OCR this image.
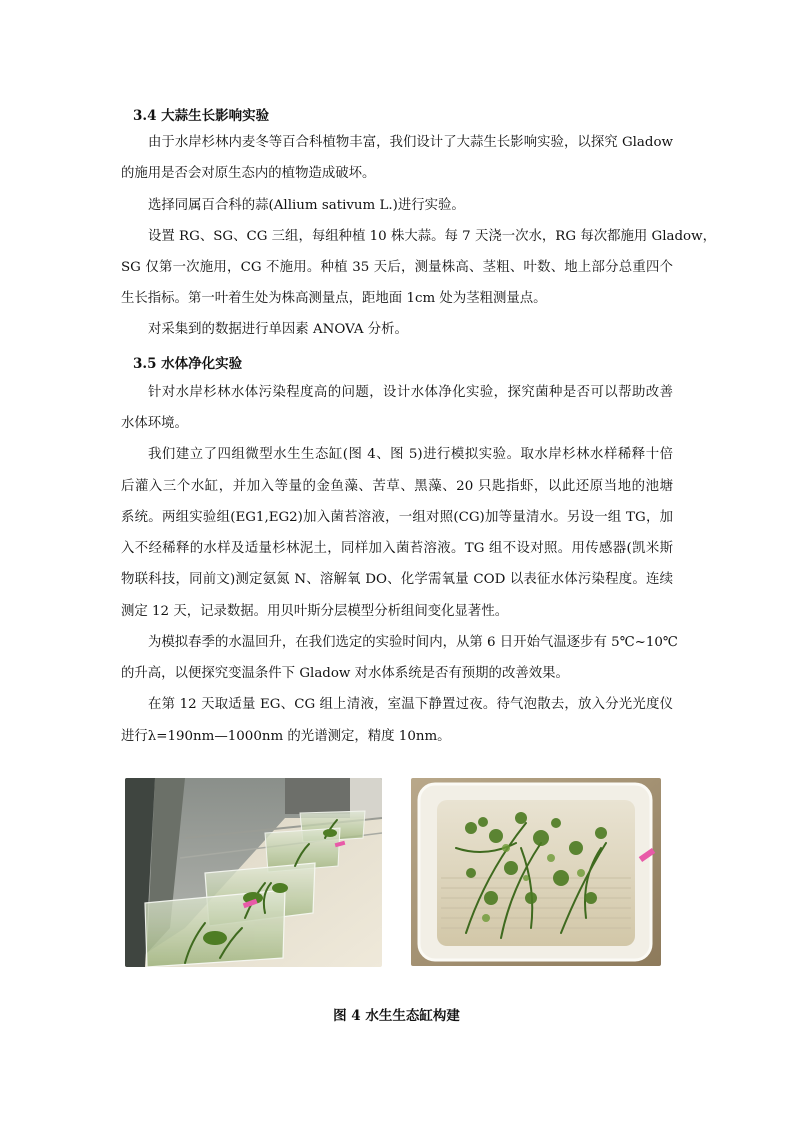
3.4 大蒜生长影响实验
由于水岸杉林内麦冬等百合科植物丰富，我们设计了大蒜生长影响实验，以探究 Gladow
的施用是否会对原生态内的植物造成破坏。
选择同属百合科的蒜(Allium sativum L.)进行实验。
设置 RG、SG、CG 三组，每组种植 10 株大蒜。每 7 天浇一次水，RG 每次都施用 Gladow，
SG 仅第一次施用，CG 不施用。种植 35 天后，测量株高、茎粗、叶数、地上部分总重四个
生长指标。第一叶着生处为株高测量点，距地面 1cm 处为茎粗测量点。
对采集到的数据进行单因素 ANOVA 分析。
3.5 水体净化实验
针对水岸杉林水体污染程度高的问题，设计水体净化实验，探究菌种是否可以帮助改善
水体环境。
我们建立了四组微型水生生态缸(图 4、图 5)进行模拟实验。取水岸杉林水样稀释十倍
后灌入三个水缸，并加入等量的金鱼藻、苦草、黑藻、20 只匙指虾，以此还原当地的池塘
系统。两组实验组(EG1,EG2)加入菌苔溶液，一组对照(CG)加等量清水。另设一组 TG，加
入不经稀释的水样及适量杉林泥土，同样加入菌苔溶液。TG 组不设对照。用传感器(凯米斯
物联科技，同前文)测定氨氮 N、溶解氧 DO、化学需氧量 COD 以表征水体污染程度。连续
测定 12 天，记录数据。用贝叶斯分层模型分析组间变化显著性。
为模拟春季的水温回升，在我们选定的实验时间内，从第 6 日开始气温逐步有 5℃~10℃
的升高，以便探究变温条件下 Gladow 对水体系统是否有预期的改善效果。
在第 12 天取适量 EG、CG 组上清液，室温下静置过夜。待气泡散去，放入分光光度仪
进行λ=190nm—1000nm 的光谱测定，精度 10nm。
图 4 水生生态缸构建
